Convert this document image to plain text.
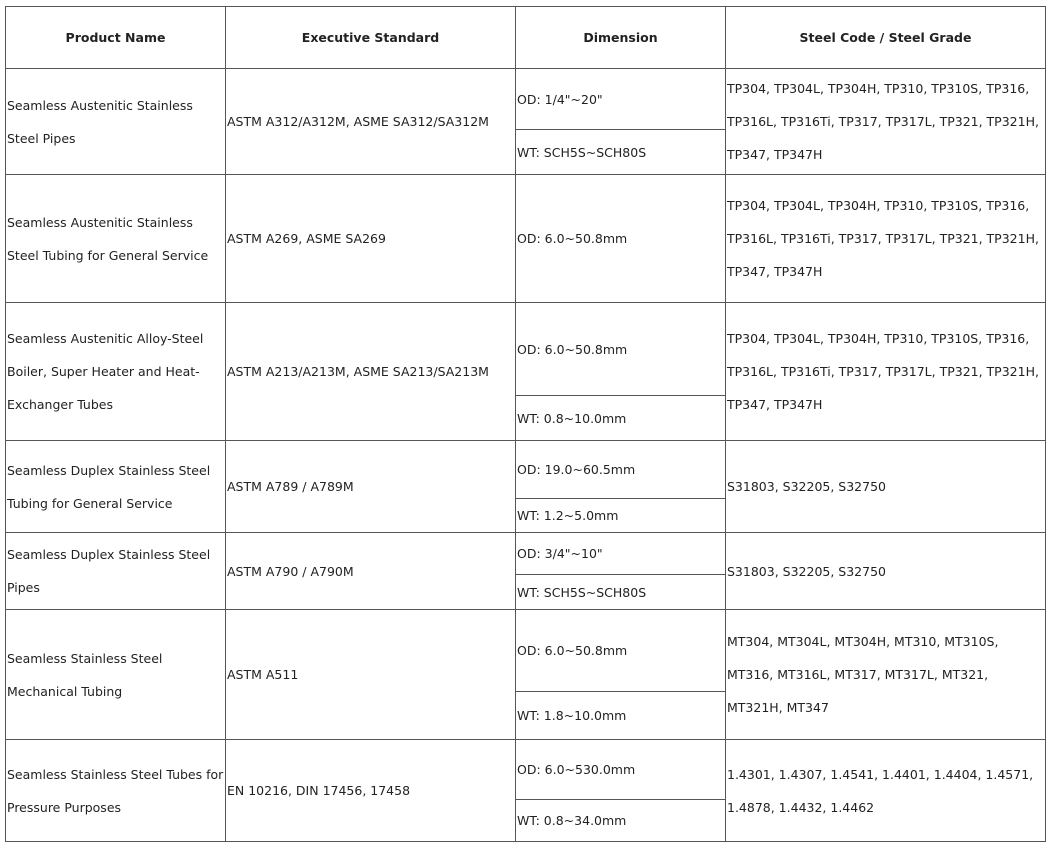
Product Name	Executive Standard	Dimension	Steel Code / Steel Grade
Seamless Austenitic Stainless Steel Pipes	ASTM A312/A312M, ASME SA312/SA312M	OD: 1/4"~20"	TP304, TP304L, TP304H, TP310, TP310S, TP316, TP316L, TP316Ti, TP317, TP317L, TP321, TP321H, TP347, TP347H
		WT: SCH5S~SCH80S	
Seamless Austenitic Stainless Steel Tubing for General Service	ASTM A269, ASME SA269	OD: 6.0~50.8mm	TP304, TP304L, TP304H, TP310, TP310S, TP316, TP316L, TP316Ti, TP317, TP317L, TP321, TP321H, TP347, TP347H
Seamless Austenitic Alloy-Steel Boiler, Super Heater and Heat-Exchanger Tubes	ASTM A213/A213M, ASME SA213/SA213M	OD: 6.0~50.8mm	TP304, TP304L, TP304H, TP310, TP310S, TP316, TP316L, TP316Ti, TP317, TP317L, TP321, TP321H, TP347, TP347H
		WT: 0.8~10.0mm	
Seamless Duplex Stainless Steel Tubing for General Service	ASTM A789 / A789M	OD: 19.0~60.5mm	S31803, S32205, S32750
		WT: 1.2~5.0mm	
Seamless Duplex Stainless Steel Pipes	ASTM A790 / A790M	OD: 3/4"~10"	S31803, S32205, S32750
		WT: SCH5S~SCH80S	
Seamless Stainless Steel Mechanical Tubing	ASTM A511	OD: 6.0~50.8mm	MT304, MT304L, MT304H, MT310, MT310S, MT316, MT316L, MT317, MT317L, MT321, MT321H, MT347
		WT: 1.8~10.0mm	
Seamless Stainless Steel Tubes for Pressure Purposes	EN 10216, DIN 17456, 17458	OD: 6.0~530.0mm	1.4301, 1.4307, 1.4541, 1.4401, 1.4404, 1.4571, 1.4878, 1.4432, 1.4462
		WT: 0.8~34.0mm	
